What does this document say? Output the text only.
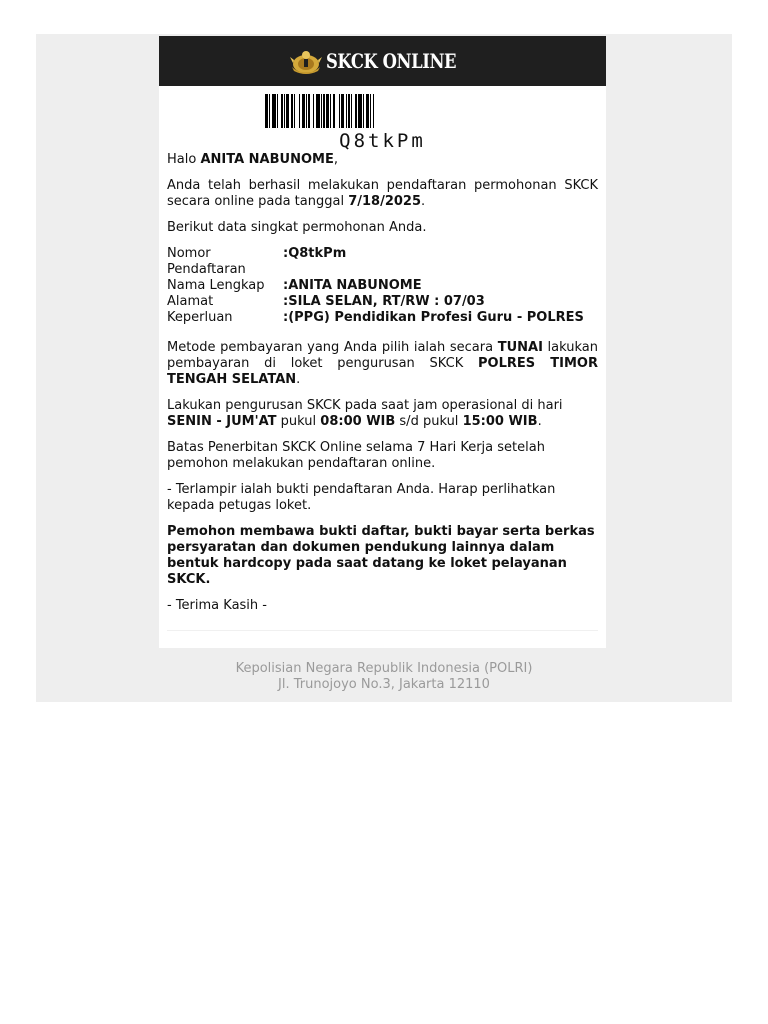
SKCK ONLINE
Q8tkPm

Halo ANITA NABUNOME,

Anda telah berhasil melakukan pendaftaran permohonan SKCK secara online pada tanggal 7/18/2025.

Berikut data singkat permohonan Anda.

Nomor Pendaftaran	:Q8tkPm
Nama Lengkap	:ANITA NABUNOME
Alamat	:SILA SELAN, RT/RW : 07/03
Keperluan	:(PPG) Pendidikan Profesi Guru - POLRES

Metode pembayaran yang Anda pilih ialah secara TUNAI lakukan pembayaran di loket pengurusan SKCK POLRES TIMOR TENGAH SELATAN.

Lakukan pengurusan SKCK pada saat jam operasional di hari SENIN - JUM'AT pukul 08:00 WIB s/d pukul 15:00 WIB.

Batas Penerbitan SKCK Online selama 7 Hari Kerja setelah pemohon melakukan pendaftaran online.

- Terlampir ialah bukti pendaftaran Anda. Harap perlihatkan kepada petugas loket.

Pemohon membawa bukti daftar, bukti bayar serta berkas persyaratan dan dokumen pendukung lainnya dalam bentuk hardcopy pada saat datang ke loket pelayanan SKCK.

- Terima Kasih -

Kepolisian Negara Republik Indonesia (POLRI)
Jl. Trunojoyo No.3, Jakarta 12110
